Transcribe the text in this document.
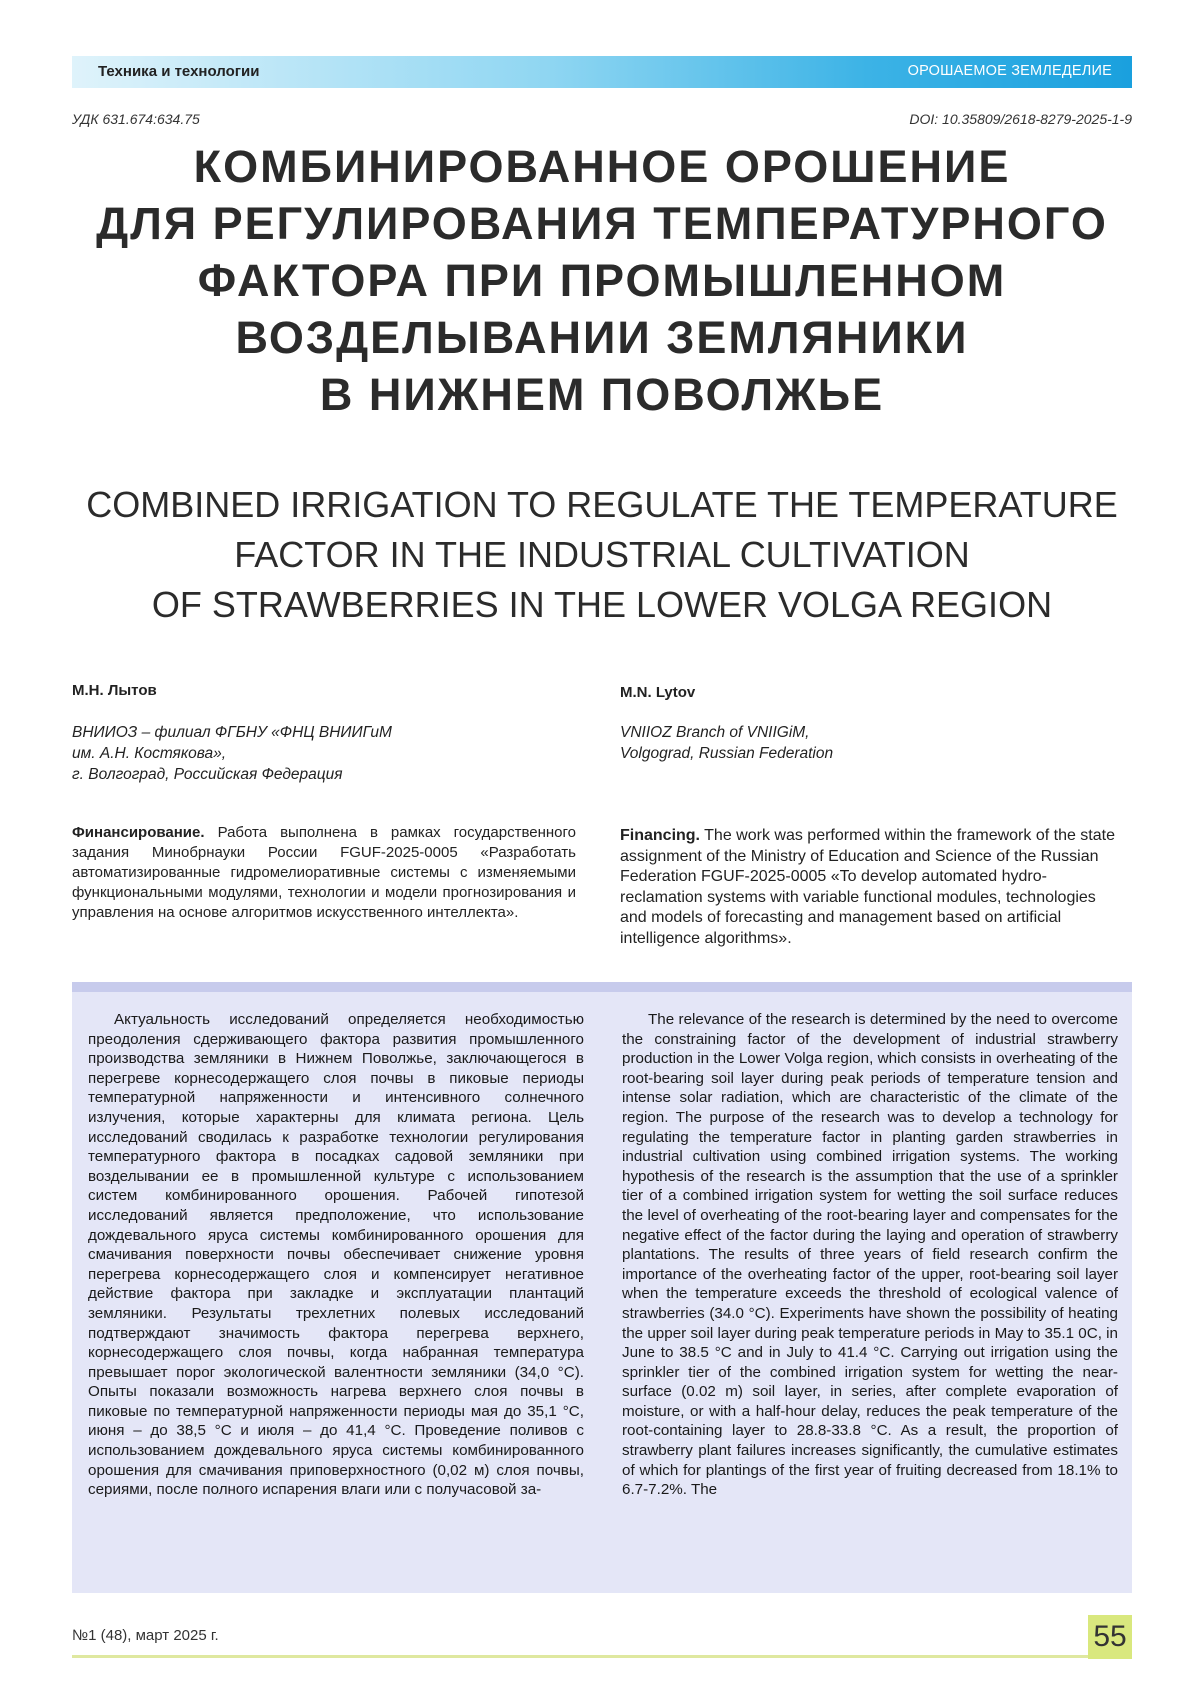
Техника и технологии	ОРОШАЕМОЕ ЗЕМЛЕДЕЛИЕ
УДК 631.674:634.75	DOI: 10.35809/2618-8279-2025-1-9
КОМБИНИРОВАННОЕ ОРОШЕНИЕ
ДЛЯ РЕГУЛИРОВАНИЯ ТЕМПЕРАТУРНОГО
ФАКТОРА ПРИ ПРОМЫШЛЕННОМ
ВОЗДЕЛЫВАНИИ ЗЕМЛЯНИКИ
В НИЖНЕМ ПОВОЛЖЬЕ
COMBINED IRRIGATION TO REGULATE THE TEMPERATURE
FACTOR IN THE INDUSTRIAL CULTIVATION
OF STRAWBERRIES IN THE LOWER VOLGA REGION
М.Н. Лытов	M.N. Lytov
ВНИИОЗ – филиал ФГБНУ «ФНЦ ВНИИГиМ
им. А.Н. Костякова»,
г. Волгоград, Российская Федерация
VNIIOZ Branch of VNIIGiM,
Volgograd, Russian Federation
Финансирование. Работа выполнена в рамках государственного задания Минобрнауки России FGUF-2025-0005 «Разработать автоматизированные гидромелиоративные системы с изменяемыми функциональными модулями, технологии и модели прогнозирования и управления на основе алгоритмов искусственного интеллекта».
Financing. The work was performed within the framework of the state assignment of the Ministry of Education and Science of the Russian Federation FGUF-2025-0005 «To develop automated hydro-reclamation systems with variable functional modules, technologies and models of forecasting and management based on artificial intelligence algorithms».

Актуальность исследований определяется необходимостью преодоления сдерживающего фактора развития промышленного производства земляники в Нижнем Поволжье, заключающегося в перегреве корнесодержащего слоя почвы в пиковые периоды температурной напряженности и интенсивного солнечного излучения, которые характерны для климата региона. Цель исследований сводилась к разработке технологии регулирования температурного фактора в посадках садовой земляники при возделывании ее в промышленной культуре с использованием систем комбинированного орошения. Рабочей гипотезой исследований является предположение, что использование дождевального яруса системы комбинированного орошения для смачивания поверхности почвы обеспечивает снижение уровня перегрева корнесодержащего слоя и компенсирует негативное действие фактора при закладке и эксплуатации плантаций земляники. Результаты трехлетних полевых исследований подтверждают значимость фактора перегрева верхнего, корнесодержащего слоя почвы, когда набранная температура превышает порог экологической валентности земляники (34,0 °С). Опыты показали возможность нагрева верхнего слоя почвы в пиковые по температурной напряженности периоды мая до 35,1 °С, июня – до 38,5 °С и июля – до 41,4 °С. Проведение поливов с использованием дождевального яруса системы комбинированного орошения для смачивания приповерхностного (0,02 м) слоя почвы, сериями, после полного испарения влаги или с получасовой за-

The relevance of the research is determined by the need to overcome the constraining factor of the development of industrial strawberry production in the Lower Volga region, which consists in overheating of the root-bearing soil layer during peak periods of temperature tension and intense solar radiation, which are characteristic of the climate of the region. The purpose of the research was to develop a technology for regulating the temperature factor in planting garden strawberries in industrial cultivation using combined irrigation systems. The working hypothesis of the research is the assumption that the use of a sprinkler tier of a combined irrigation system for wetting the soil surface reduces the level of overheating of the root-bearing layer and compensates for the negative effect of the factor during the laying and operation of strawberry plantations. The results of three years of field research confirm the importance of the overheating factor of the upper, root-bearing soil layer when the temperature exceeds the threshold of ecological valence of strawberries (34.0 °C). Experiments have shown the possibility of heating the upper soil layer during peak temperature periods in May to 35.1 0C, in June to 38.5 °C and in July to 41.4 °C. Carrying out irrigation using the sprinkler tier of the combined irrigation system for wetting the near-surface (0.02 m) soil layer, in series, after complete evaporation of moisture, or with a half-hour delay, reduces the peak temperature of the root-containing layer to 28.8-33.8 °C. As a result, the proportion of strawberry plant failures increases significantly, the cumulative estimates of which for plantings of the first year of fruiting decreased from 18.1% to 6.7-7.2%. The

№1 (48), март 2025 г.	55
